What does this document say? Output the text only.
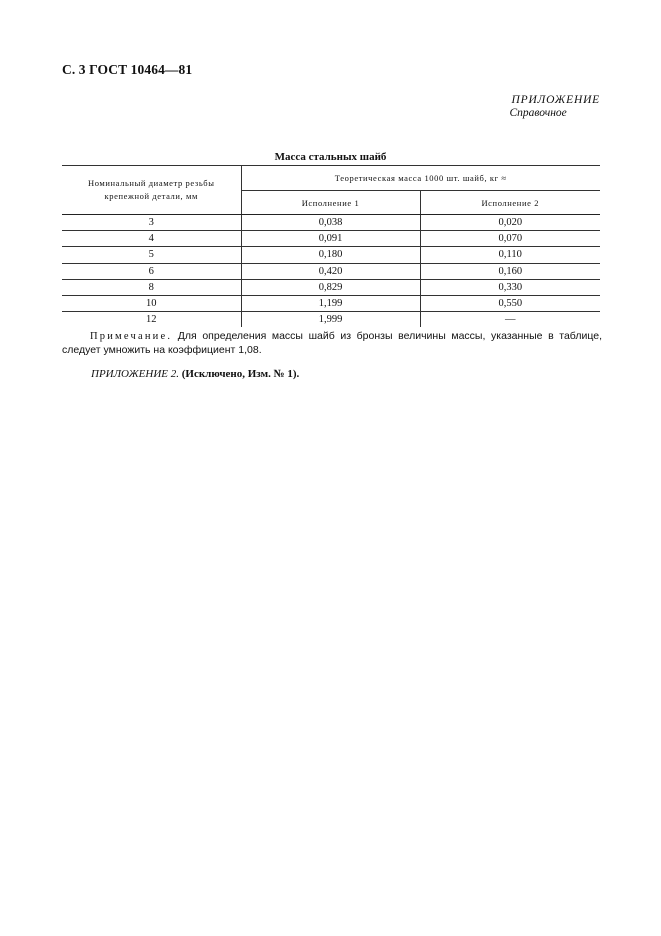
С. 3 ГОСТ 10464—81
ПРИЛОЖЕНИЕ
Справочное
Масса стальных шайб
Номинальный диаметр резьбы
крепежной детали, мм	Теоретическая масса 1000 шт. шайб, кг ≈	
	Исполнение 1	Исполнение 2
3	0,038	0,020
4	0,091	0,070
5	0,180	0,110
6	0,420	0,160
8	0,829	0,330
10	1,199	0,550
12	1,999	—
Примечание. Для определения массы шайб из бронзы величины массы, указанные в таблице, следует умножить на коэффициент 1,08.
ПРИЛОЖЕНИЕ 2. (Исключено, Изм. № 1).
